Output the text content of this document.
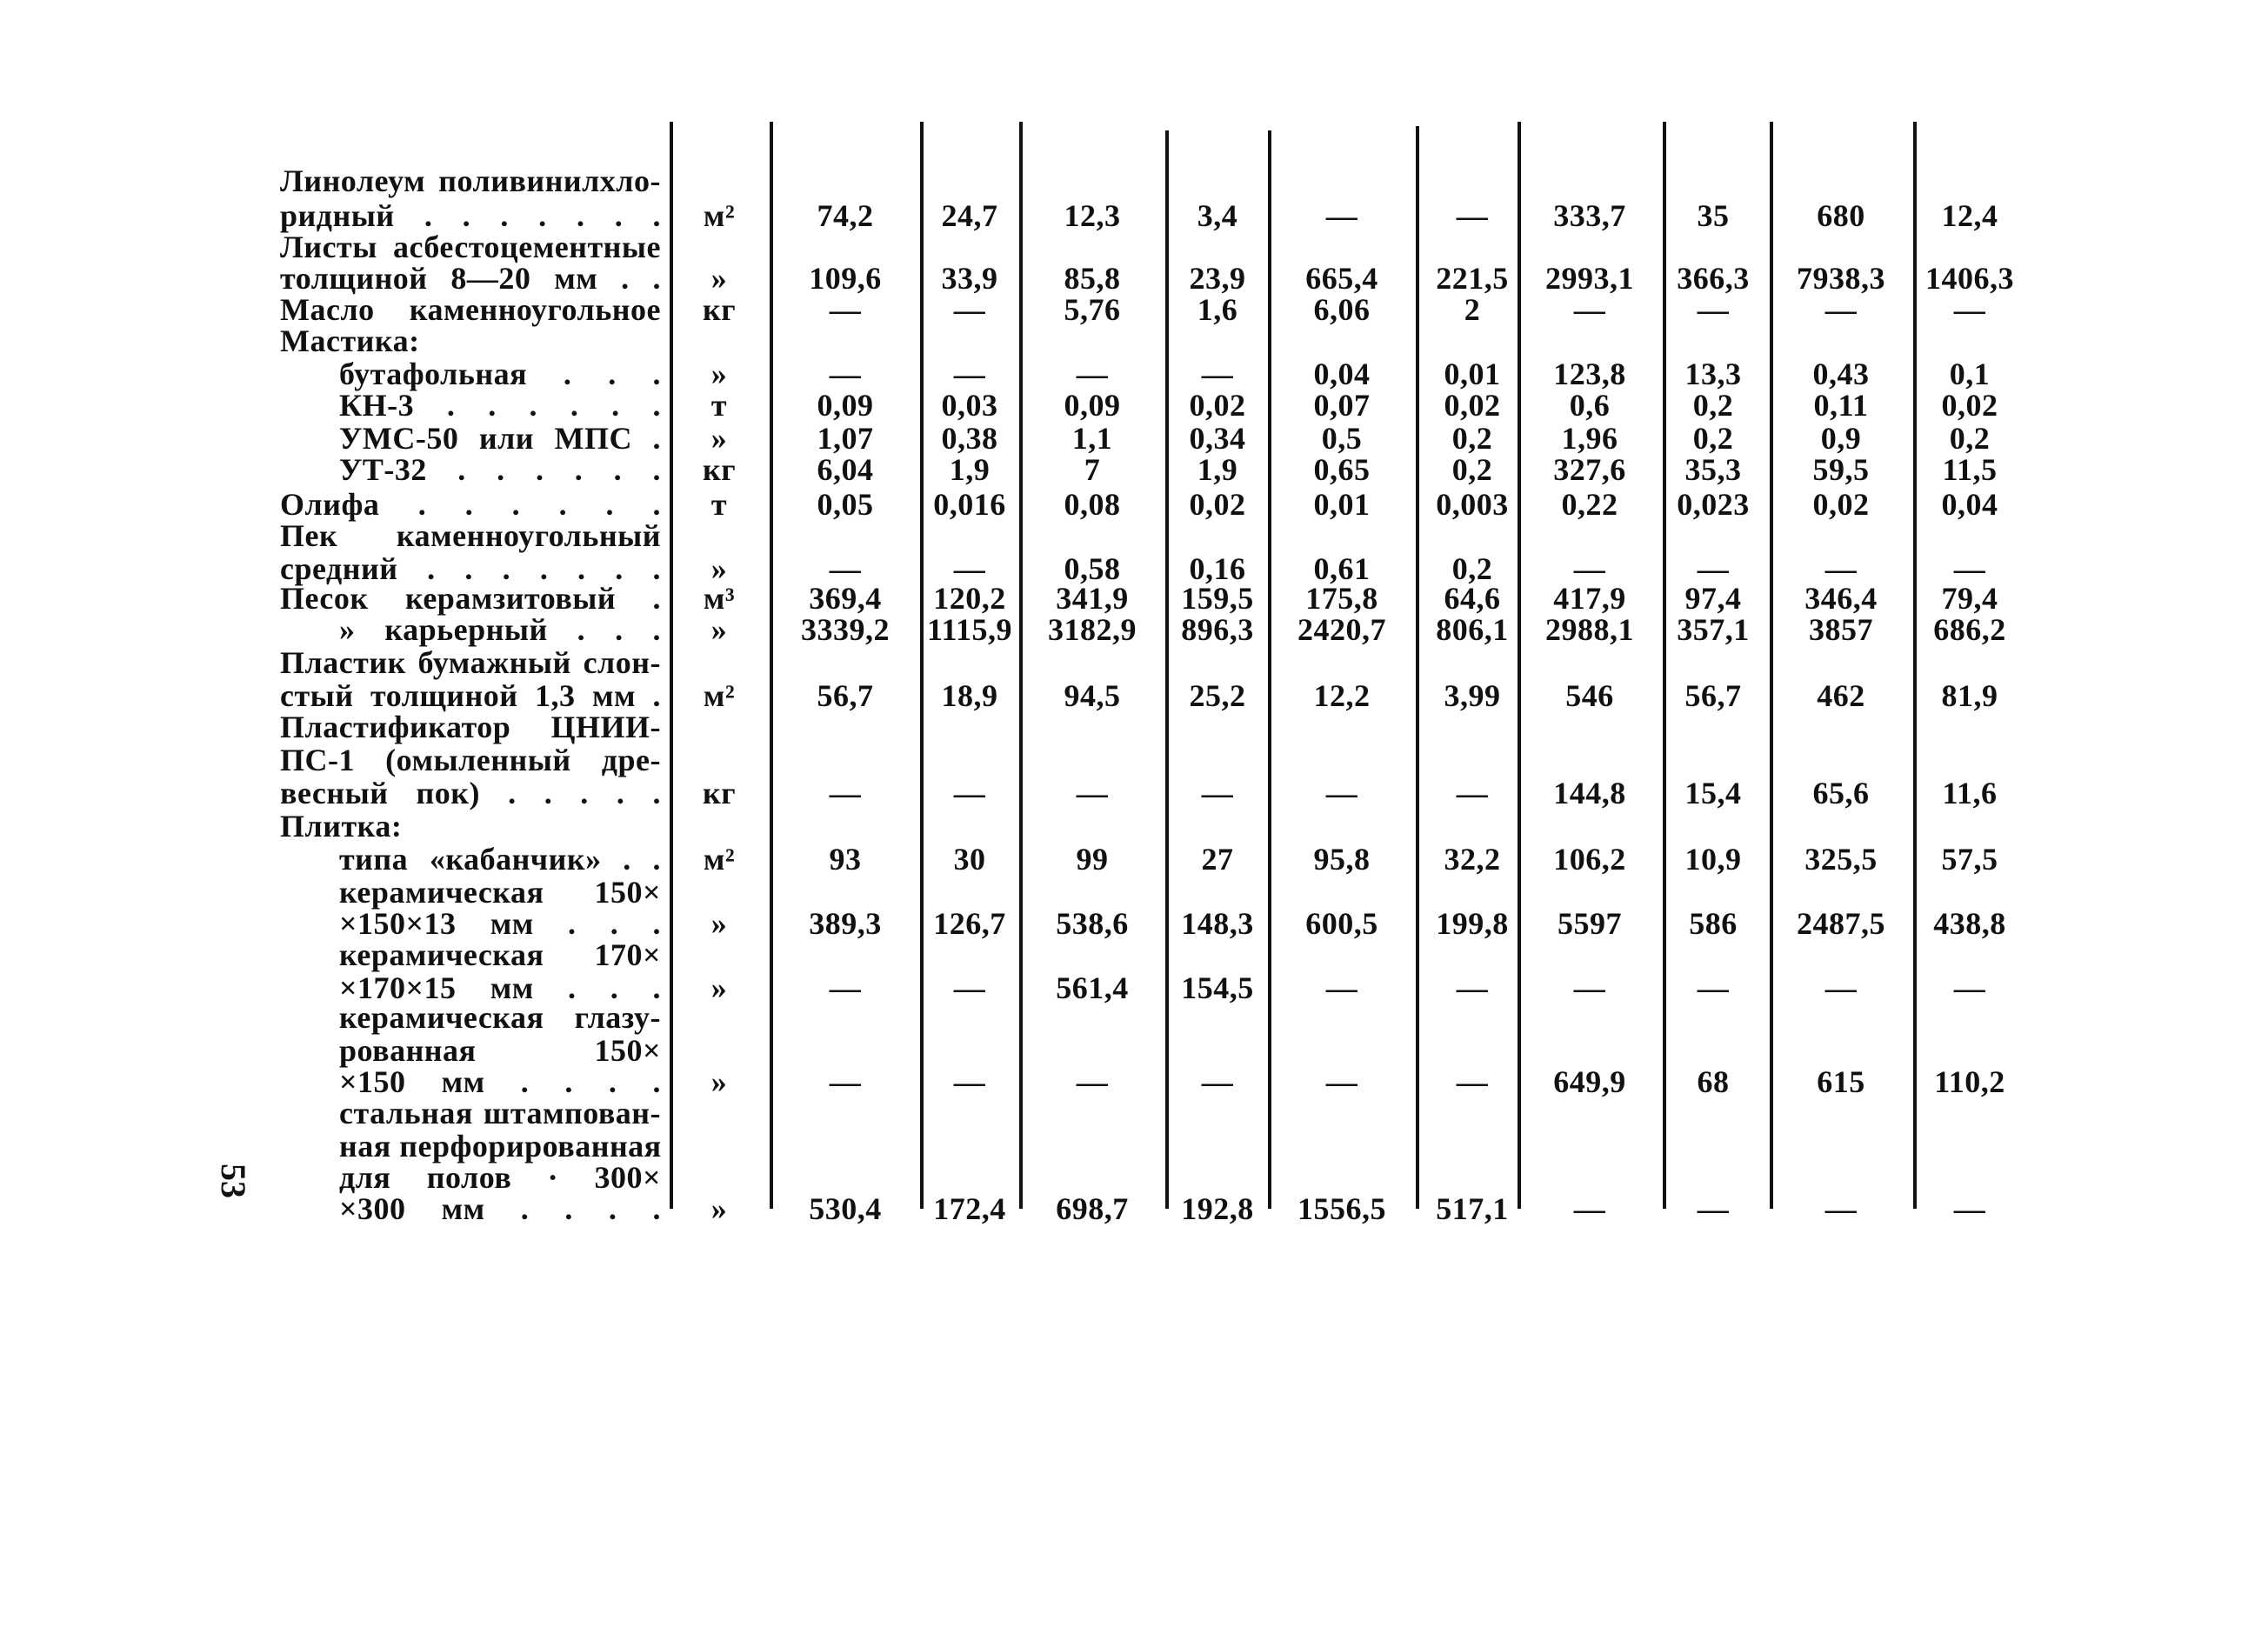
Линолеум поливинилхло-
ридный . . . . . . .	м²	74,2	24,7	12,3	3,4	—	—	333,7	35	680	12,4
Листы асбестоцементные
толщиной 8—20 мм . .	»	109,6	33,9	85,8	23,9	665,4	221,5	2993,1	366,3	7938,3	1406,3
Масло каменноугольное	кг	—	—	5,76	1,6	6,06	2	—	—	—	—
Мастика:
бутафольная . . .	»	—	—	—	—	0,04	0,01	123,8	13,3	0,43	0,1
КН-3 . . . . . .	т	0,09	0,03	0,09	0,02	0,07	0,02	0,6	0,2	0,11	0,02
УМС-50 или МПС .	»	1,07	0,38	1,1	0,34	0,5	0,2	1,96	0,2	0,9	0,2
УТ-32 . . . . . .	кг	6,04	1,9	7	1,9	0,65	0,2	327,6	35,3	59,5	11,5
Олифа . . . . . .	т	0,05	0,016	0,08	0,02	0,01	0,003	0,22	0,023	0,02	0,04
Пек каменноугольный
средний . . . . . . .	»	—	—	0,58	0,16	0,61	0,2	—	—	—	—
Песок керамзитовый .	м³	369,4	120,2	341,9	159,5	175,8	64,6	417,9	97,4	346,4	79,4
» карьерный . . .	»	3339,2	1115,9	3182,9	896,3	2420,7	806,1	2988,1	357,1	3857	686,2
Пластик бумажный слон-
стый толщиной 1,3 мм .	м²	56,7	18,9	94,5	25,2	12,2	3,99	546	56,7	462	81,9
Пластификатор ЦНИИ-
ПС-1 (омыленный дре-
весный пок) . . . . .	кг	—	—	—	—	—	—	144,8	15,4	65,6	11,6
Плитка:
типа «кабанчик» . .	м²	93	30	99	27	95,8	32,2	106,2	10,9	325,5	57,5
керамическая 150×
×150×13 мм . . .	»	389,3	126,7	538,6	148,3	600,5	199,8	5597	586	2487,5	438,8
керамическая 170×
×170×15 мм . . .	»	—	—	561,4	154,5	—	—	—	—	—	—
керамическая глазу-
рованная 150×
×150 мм . . . .	»	—	—	—	—	—	—	649,9	68	615	110,2
стальная штампован-
ная перфорированная
для полов · 300×
×300 мм . . . .	»	530,4	172,4	698,7	192,8	1556,5	517,1	—	—	—	—
53
